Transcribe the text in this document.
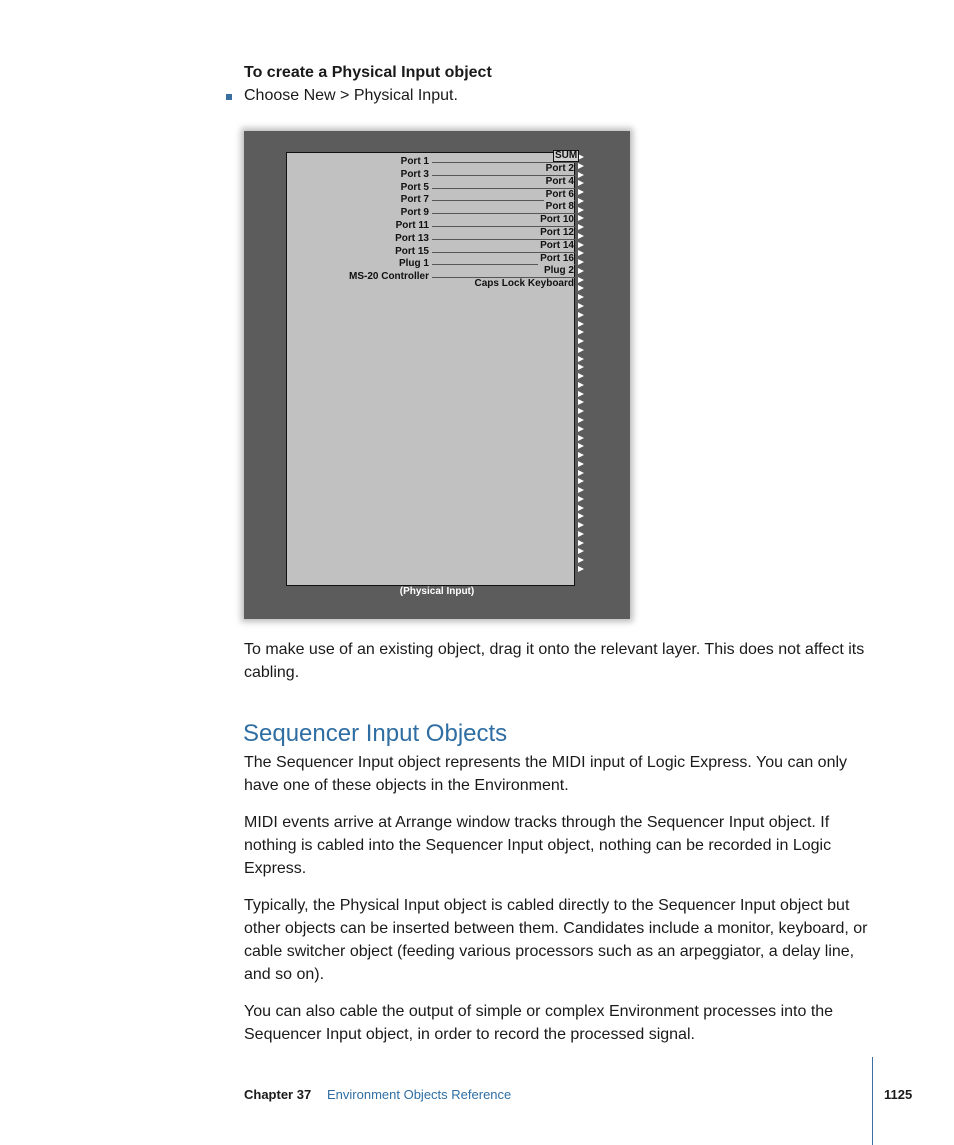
To create a Physical Input object
Choose New > Physical Input.
(Physical Input)
SUM
Port 1
Port 3
Port 5
Port 7
Port 9
Port 11
Port 13
Port 15
Plug 1
MS-20 Controller
Port 2
Port 4
Port 6
Port 8
Port 10
Port 12
Port 14
Port 16
Plug 2
Caps Lock Keyboard
To make use of an existing object, drag it onto the relevant layer. This does not affect its cabling.
Sequencer Input Objects
The Sequencer Input object represents the MIDI input of Logic Express. You can only have one of these objects in the Environment.
MIDI events arrive at Arrange window tracks through the Sequencer Input object. If nothing is cabled into the Sequencer Input object, nothing can be recorded in Logic Express.
Typically, the Physical Input object is cabled directly to the Sequencer Input object but other objects can be inserted between them. Candidates include a monitor, keyboard, or cable switcher object (feeding various processors such as an arpeggiator, a delay line, and so on).
You can also cable the output of simple or complex Environment processes into the Sequencer Input object, in order to record the processed signal.
Chapter 37 Environment Objects Reference	1125
